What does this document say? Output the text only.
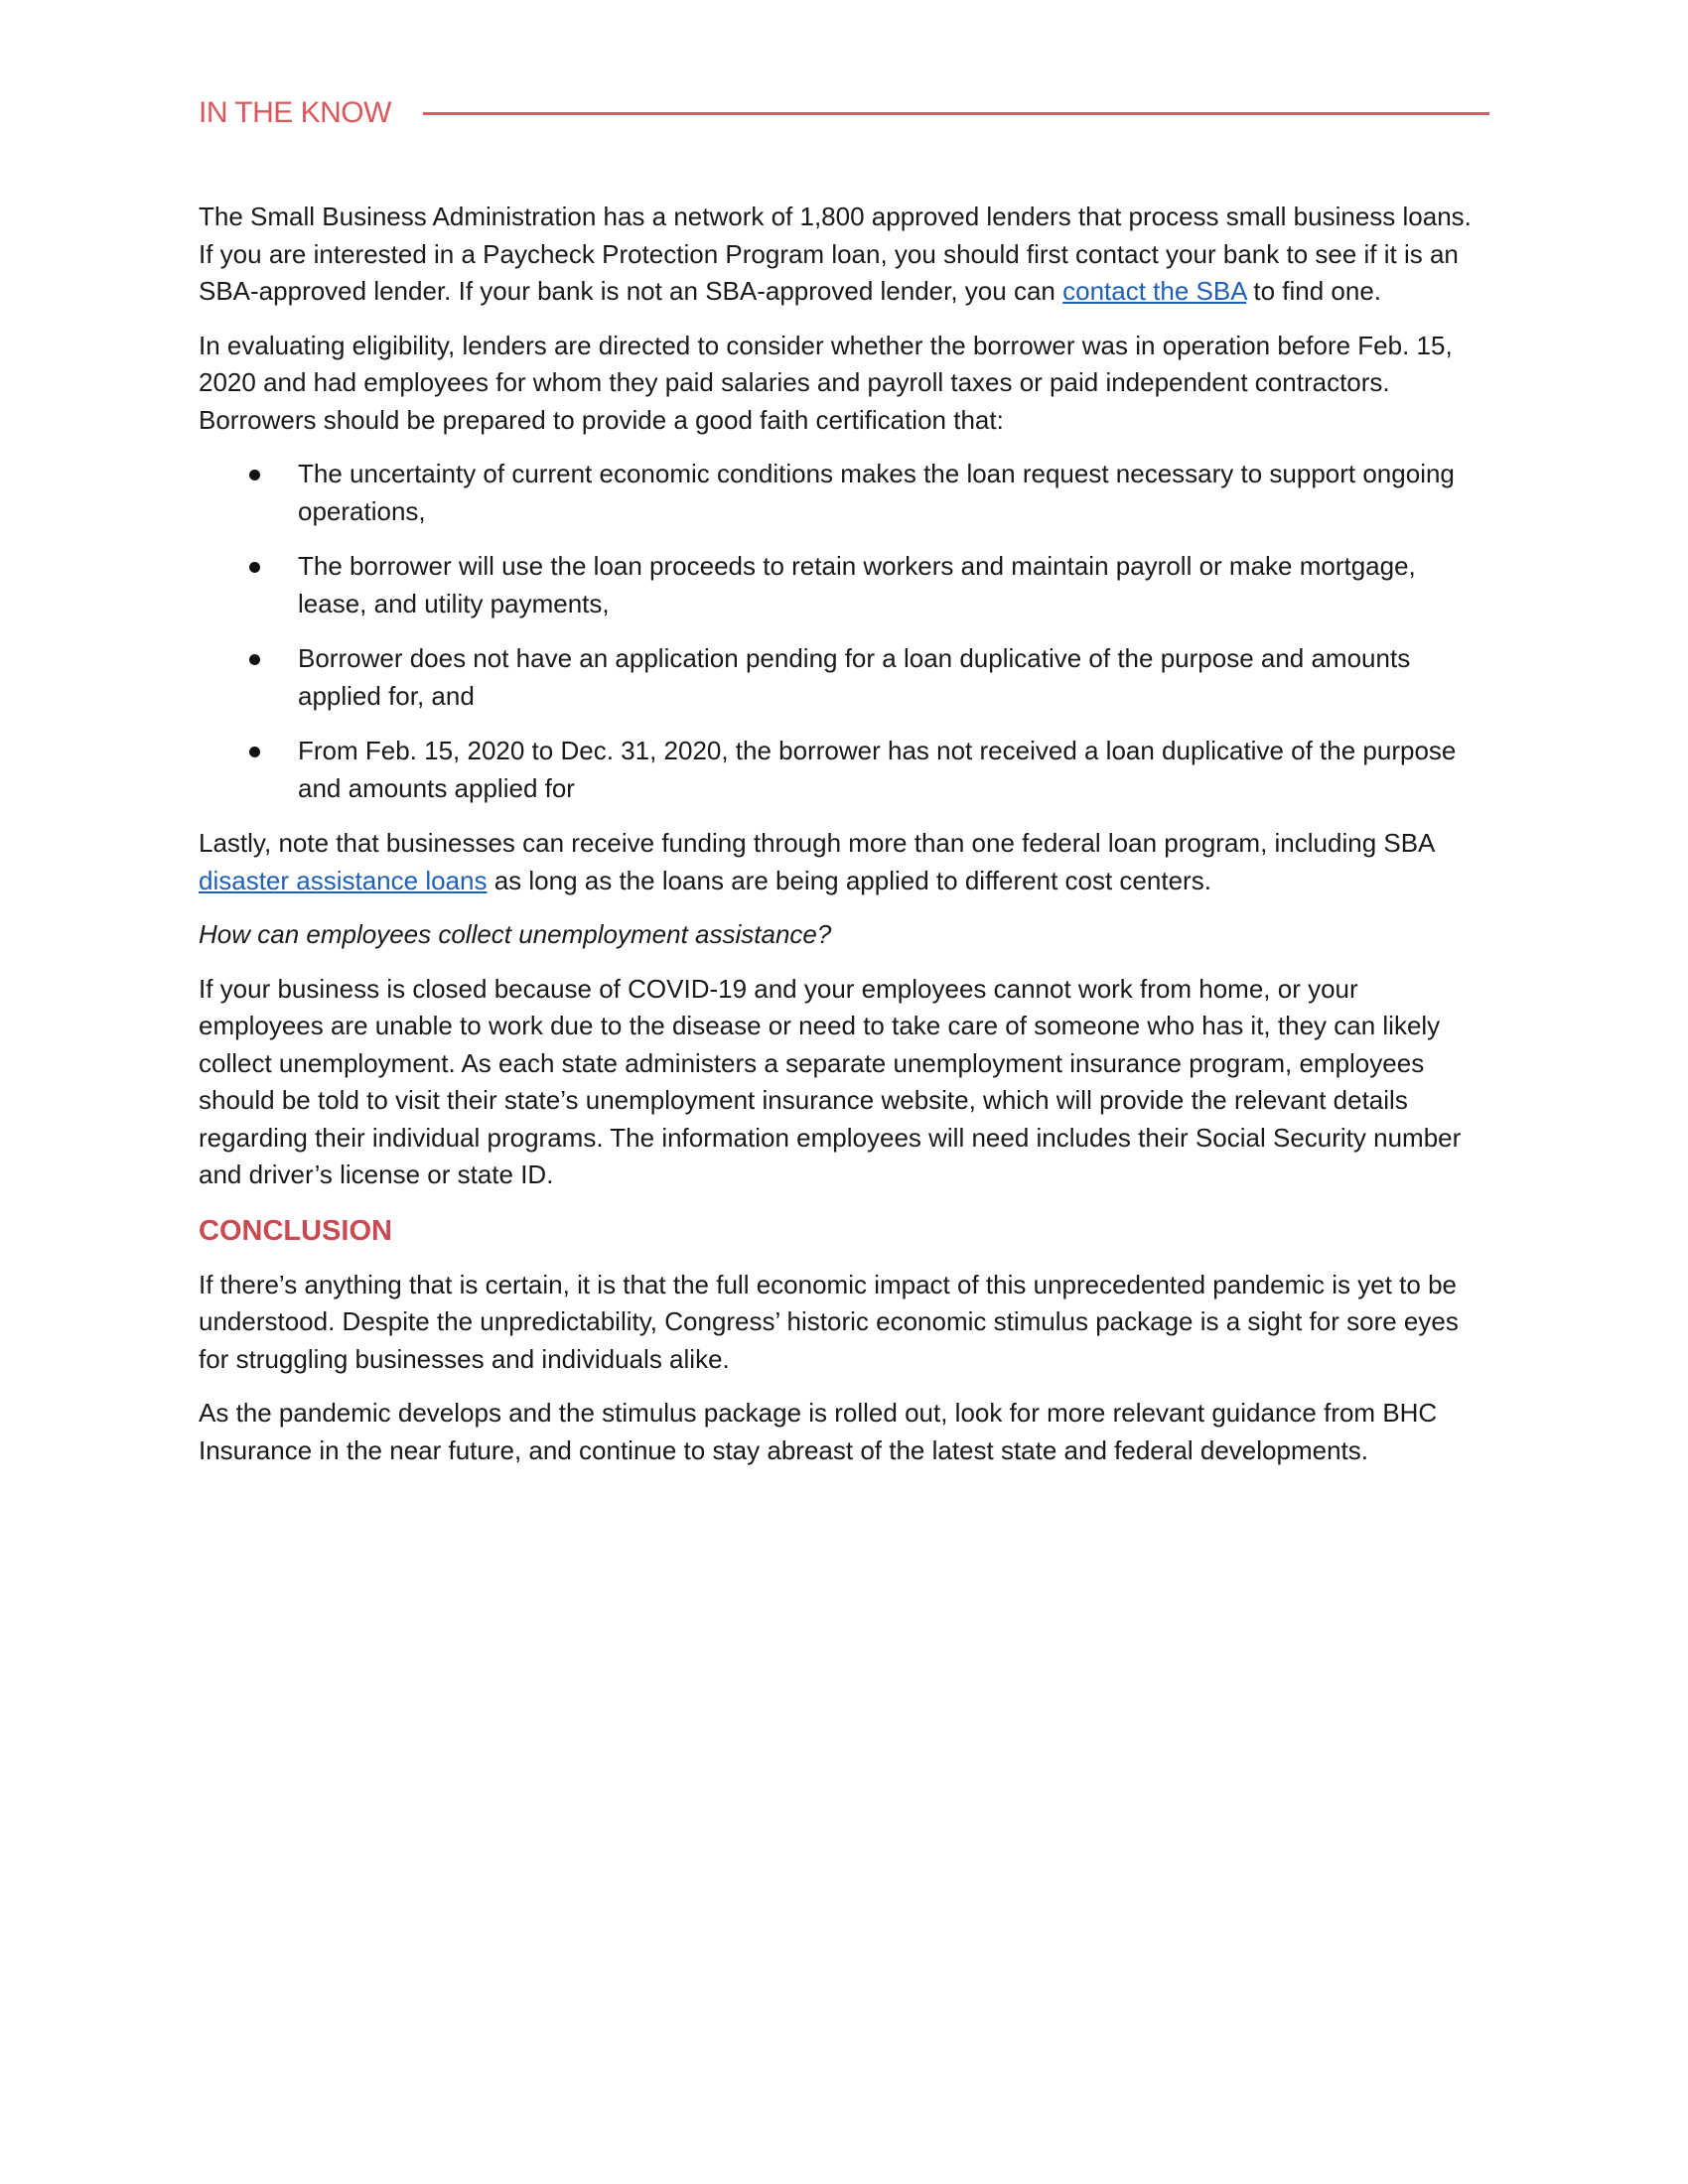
IN THE KNOW

The Small Business Administration has a network of 1,800 approved lenders that process small business loans. If you are interested in a Paycheck Protection Program loan, you should first contact your bank to see if it is an SBA-approved lender. If your bank is not an SBA-approved lender, you can contact the SBA to find one.

In evaluating eligibility, lenders are directed to consider whether the borrower was in operation before Feb. 15, 2020 and had employees for whom they paid salaries and payroll taxes or paid independent contractors. Borrowers should be prepared to provide a good faith certification that:

The uncertainty of current economic conditions makes the loan request necessary to support ongoing operations,
The borrower will use the loan proceeds to retain workers and maintain payroll or make mortgage, lease, and utility payments,
Borrower does not have an application pending for a loan duplicative of the purpose and amounts applied for, and
From Feb. 15, 2020 to Dec. 31, 2020, the borrower has not received a loan duplicative of the purpose and amounts applied for

Lastly, note that businesses can receive funding through more than one federal loan program, including SBA disaster assistance loans as long as the loans are being applied to different cost centers.

How can employees collect unemployment assistance?

If your business is closed because of COVID-19 and your employees cannot work from home, or your employees are unable to work due to the disease or need to take care of someone who has it, they can likely collect unemployment. As each state administers a separate unemployment insurance program, employees should be told to visit their state’s unemployment insurance website, which will provide the relevant details regarding their individual programs. The information employees will need includes their Social Security number and driver’s license or state ID.

CONCLUSION

If there’s anything that is certain, it is that the full economic impact of this unprecedented pandemic is yet to be understood. Despite the unpredictability, Congress’ historic economic stimulus package is a sight for sore eyes for struggling businesses and individuals alike.

As the pandemic develops and the stimulus package is rolled out, look for more relevant guidance from BHC Insurance in the near future, and continue to stay abreast of the latest state and federal developments.
